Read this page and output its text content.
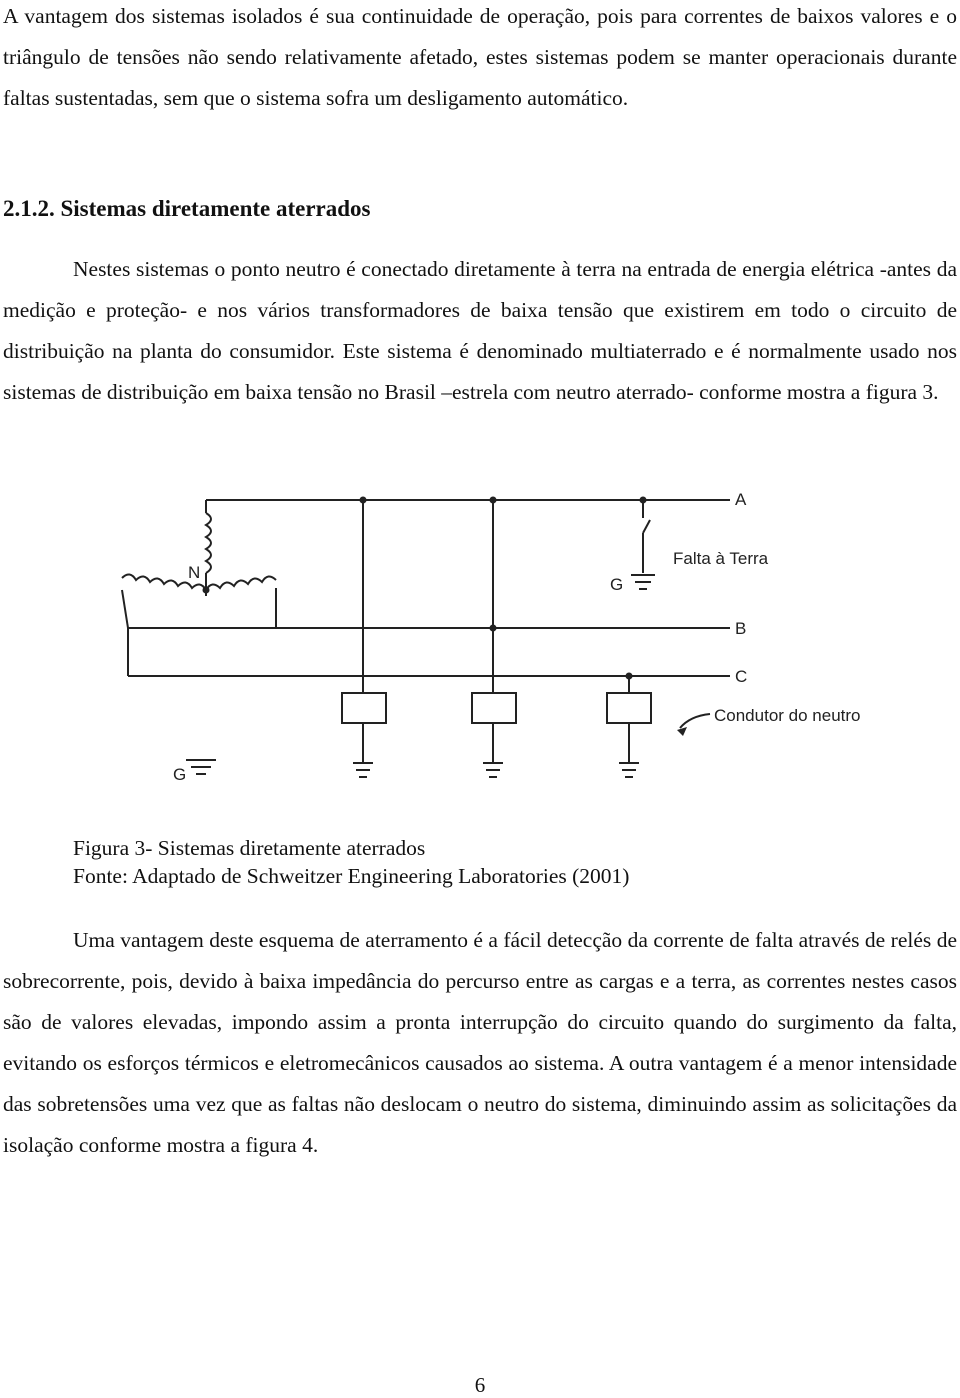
A vantagem dos sistemas isolados é sua continuidade de operação, pois para correntes de baixos valores e o triângulo de tensões não sendo relativamente afetado, estes sistemas podem se manter operacionais durante faltas sustentadas, sem que o sistema sofra um desligamento automático.

2.1.2. Sistemas diretamente aterrados

Nestes sistemas o ponto neutro é conectado diretamente à terra na entrada de energia elétrica -antes da medição e proteção- e nos vários transformadores de baixa tensão que existirem em todo o circuito de distribuição na planta do consumidor. Este sistema é denominado multiaterrado e é normalmente usado nos sistemas de distribuição em baixa tensão no Brasil –estrela com neutro aterrado- conforme mostra a figura 3.

A
B
C
N
Falta à Terra
G
G
Condutor do neutro

Figura 3- Sistemas diretamente aterrados

Fonte: Adaptado de Schweitzer Engineering Laboratories (2001)

Uma vantagem deste esquema de aterramento é a fácil detecção da corrente de falta através de relés de sobrecorrente, pois, devido à baixa impedância do percurso entre as cargas e a terra, as correntes nestes casos são de valores elevadas, impondo assim a pronta interrupção do circuito quando do surgimento da falta, evitando os esforços térmicos e eletromecânicos causados ao sistema. A outra vantagem é a menor intensidade das sobretensões uma vez que as faltas não deslocam o neutro do sistema, diminuindo assim as solicitações da isolação conforme mostra a figura 4.

6
